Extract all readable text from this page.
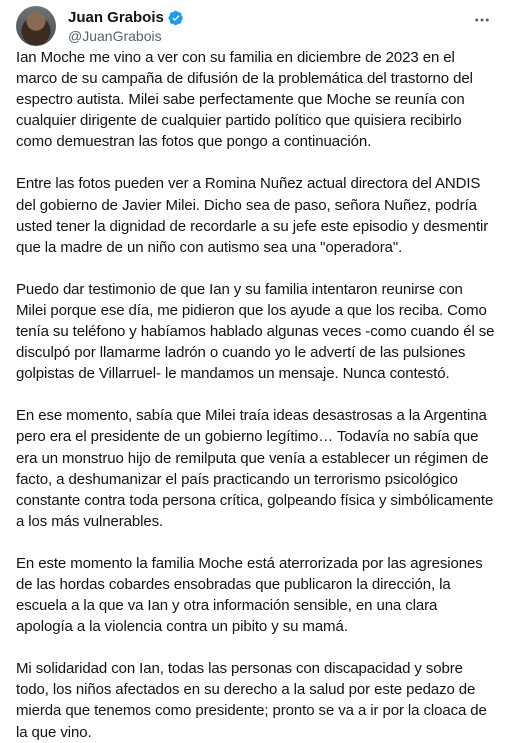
Juan Grabois
@JuanGrabois

Ian Moche me vino a ver con su familia en diciembre de 2023 en el marco de su campaña de difusión de la problemática del trastorno del espectro autista. Milei sabe perfectamente que Moche se reunía con cualquier dirigente de cualquier partido político que quisiera recibirlo como demuestran las fotos que pongo a continuación.

Entre las fotos pueden ver a Romina Nuñez actual directora del ANDIS del gobierno de Javier Milei. Dicho sea de paso, señora Nuñez, podría usted tener la dignidad de recordarle a su jefe este episodio y desmentir que la madre de un niño con autismo sea una "operadora".

Puedo dar testimonio de que Ian y su familia intentaron reunirse con Milei porque ese día, me pidieron que los ayude a que los reciba. Como tenía su teléfono y habíamos hablado algunas veces -como cuando él se disculpó por llamarme ladrón o cuando yo le advertí de las pulsiones golpistas de Villarruel- le mandamos un mensaje. Nunca contestó.

En ese momento, sabía que Milei traía ideas desastrosas a la Argentina pero era el presidente de un gobierno legítimo… Todavía no sabía que era un monstruo hijo de remilputa que venía a establecer un régimen de facto, a deshumanizar el país practicando un terrorismo psicológico constante contra toda persona crítica, golpeando física y simbólicamente a los más vulnerables.

En este momento la familia Moche está aterrorizada por las agresiones de las hordas cobardes ensobradas que publicaron la dirección, la escuela a la que va Ian y otra información sensible, en una clara apología a la violencia contra un pibito y su mamá.

Mi solidaridad con Ian, todas las personas con discapacidad y sobre todo, los niños afectados en su derecho a la salud por este pedazo de mierda que tenemos como presidente; pronto se va a ir por la cloaca de la que vino.
